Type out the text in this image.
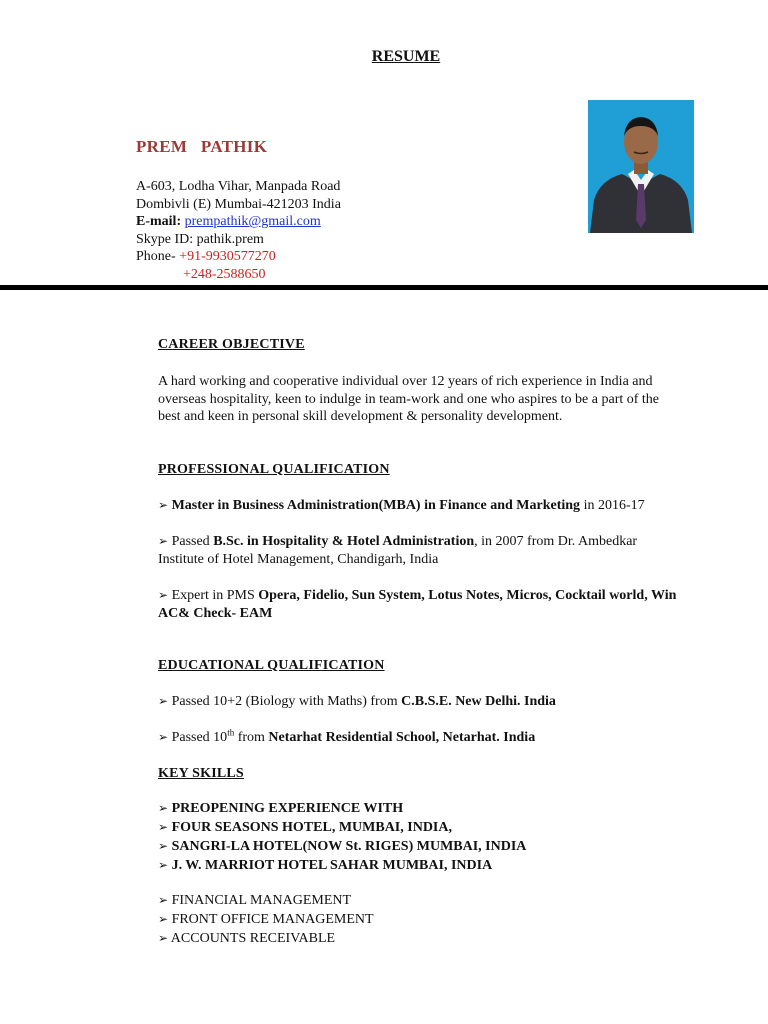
RESUME
PREM   PATHIK
A-603, Lodha Vihar, Manpada Road
Dombivli (E) Mumbai-421203 India
E-mail: prempathik@gmail.com
Skype ID: pathik.prem
Phone- +91-9930577270
+248-2588650
CAREER OBJECTIVE
A hard working and cooperative individual over 12 years of rich experience in India and overseas hospitality, keen to indulge in team-work and one who aspires to be a part of the best and keen in personal skill development & personality development.
PROFESSIONAL QUALIFICATION
➢ Master in Business Administration(MBA) in Finance and Marketing in 2016-17
➢ Passed B.Sc. in Hospitality & Hotel Administration, in 2007 from Dr. Ambedkar Institute of Hotel Management, Chandigarh, India
➢ Expert in PMS Opera, Fidelio, Sun System, Lotus Notes, Micros, Cocktail world, Win AC& Check- EAM
EDUCATIONAL QUALIFICATION
➢ Passed 10+2 (Biology with Maths) from C.B.S.E. New Delhi. India
➢ Passed 10th from Netarhat Residential School, Netarhat. India
KEY SKILLS
➢ PREOPENING EXPERIENCE WITH
➢ FOUR SEASONS HOTEL, MUMBAI, INDIA,
➢ SANGRI-LA HOTEL(NOW St. RIGES) MUMBAI, INDIA
➢ J. W. MARRIOT HOTEL SAHAR MUMBAI, INDIA
➢ FINANCIAL MANAGEMENT
➢ FRONT OFFICE MANAGEMENT
➢ ACCOUNTS RECEIVABLE
